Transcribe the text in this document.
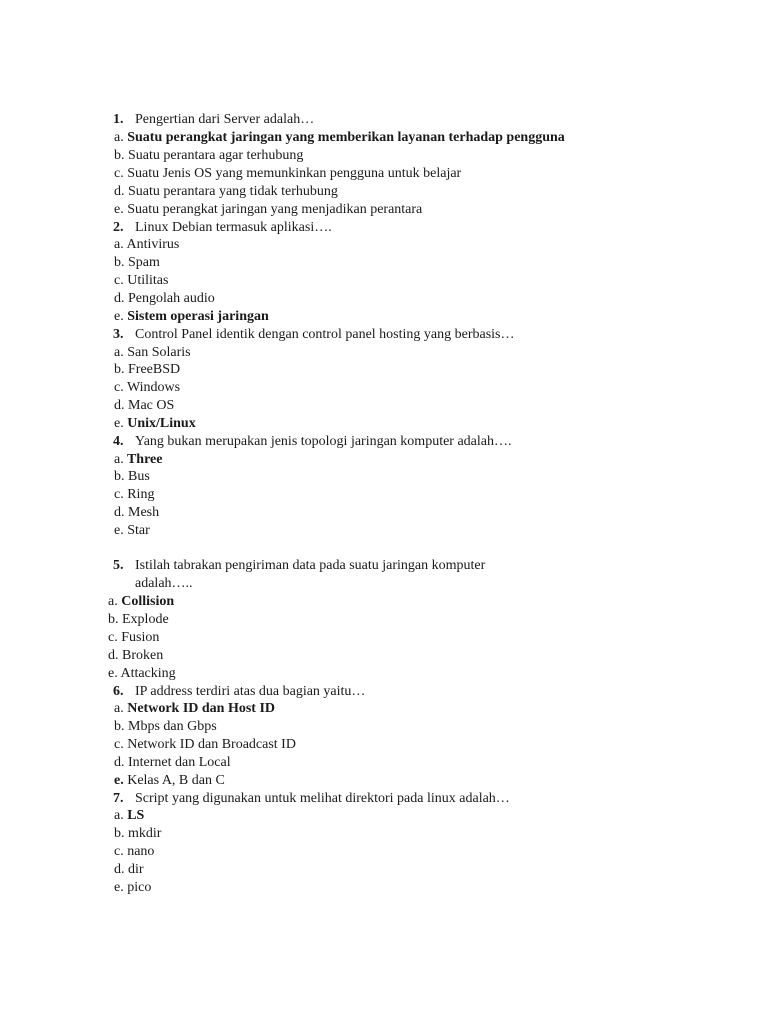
1. Pengertian dari Server adalah…
a. Suatu perangkat jaringan yang memberikan layanan terhadap pengguna
b. Suatu perantara agar terhubung
c. Suatu Jenis OS yang memunkinkan pengguna untuk belajar
d. Suatu perantara yang tidak terhubung
e. Suatu perangkat jaringan yang menjadikan perantara
2. Linux Debian termasuk aplikasi….
a. Antivirus
b. Spam
c. Utilitas
d. Pengolah audio
e. Sistem operasi jaringan
3. Control Panel identik dengan control panel hosting yang berbasis…
a. San Solaris
b. FreeBSD
c. Windows
d. Mac OS
e. Unix/Linux
4. Yang bukan merupakan jenis topologi jaringan komputer adalah….
a. Three
b. Bus
c. Ring
d. Mesh
e. Star
5. Istilah tabrakan pengiriman data pada suatu jaringan komputer
adalah…..
a. Collision
b. Explode
c. Fusion
d. Broken
e. Attacking
6. IP address terdiri atas dua bagian yaitu…
a. Network ID dan Host ID
b. Mbps dan Gbps
c. Network ID dan Broadcast ID
d. Internet dan Local
e. Kelas A, B dan C
7. Script yang digunakan untuk melihat direktori pada linux adalah…
a. LS
b. mkdir
c. nano
d. dir
e. pico
